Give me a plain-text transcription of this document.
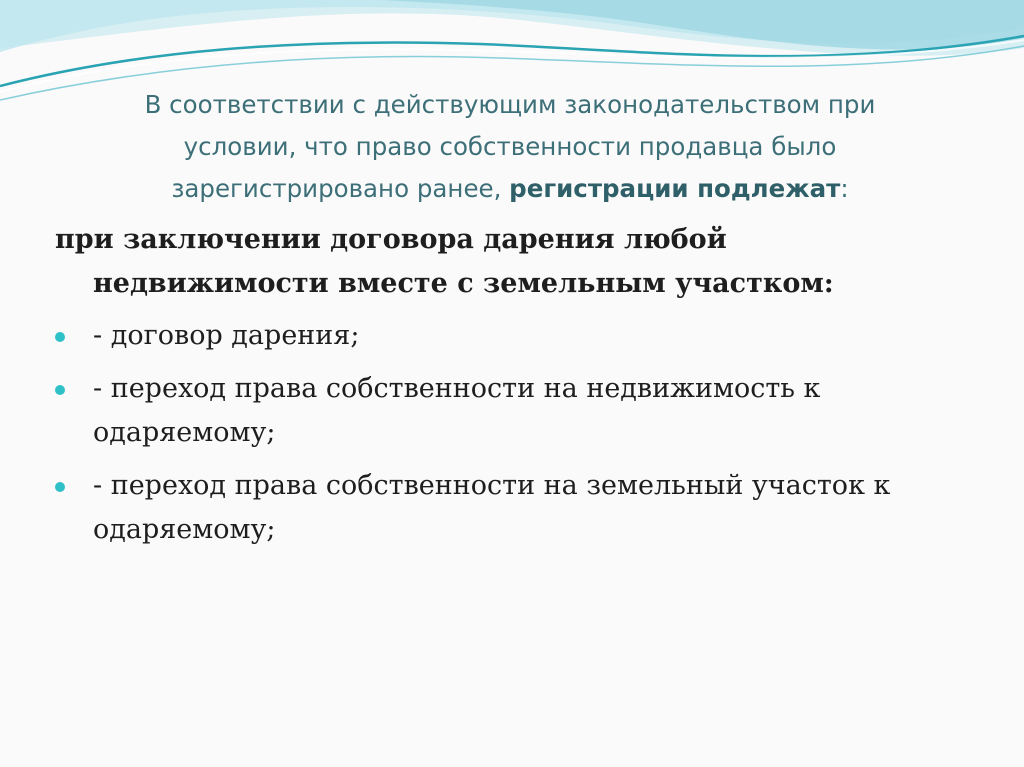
В соответствии с действующим законодательством при
условии, что право собственности продавца было
зарегистрировано ранее, регистрации подлежат:
при заключении договора дарения любой
недвижимости вместе с земельным участком:
- договор дарения;
- переход права собственности на недвижимость к одаряемому;
- переход права собственности на земельный участок к одаряемому;
